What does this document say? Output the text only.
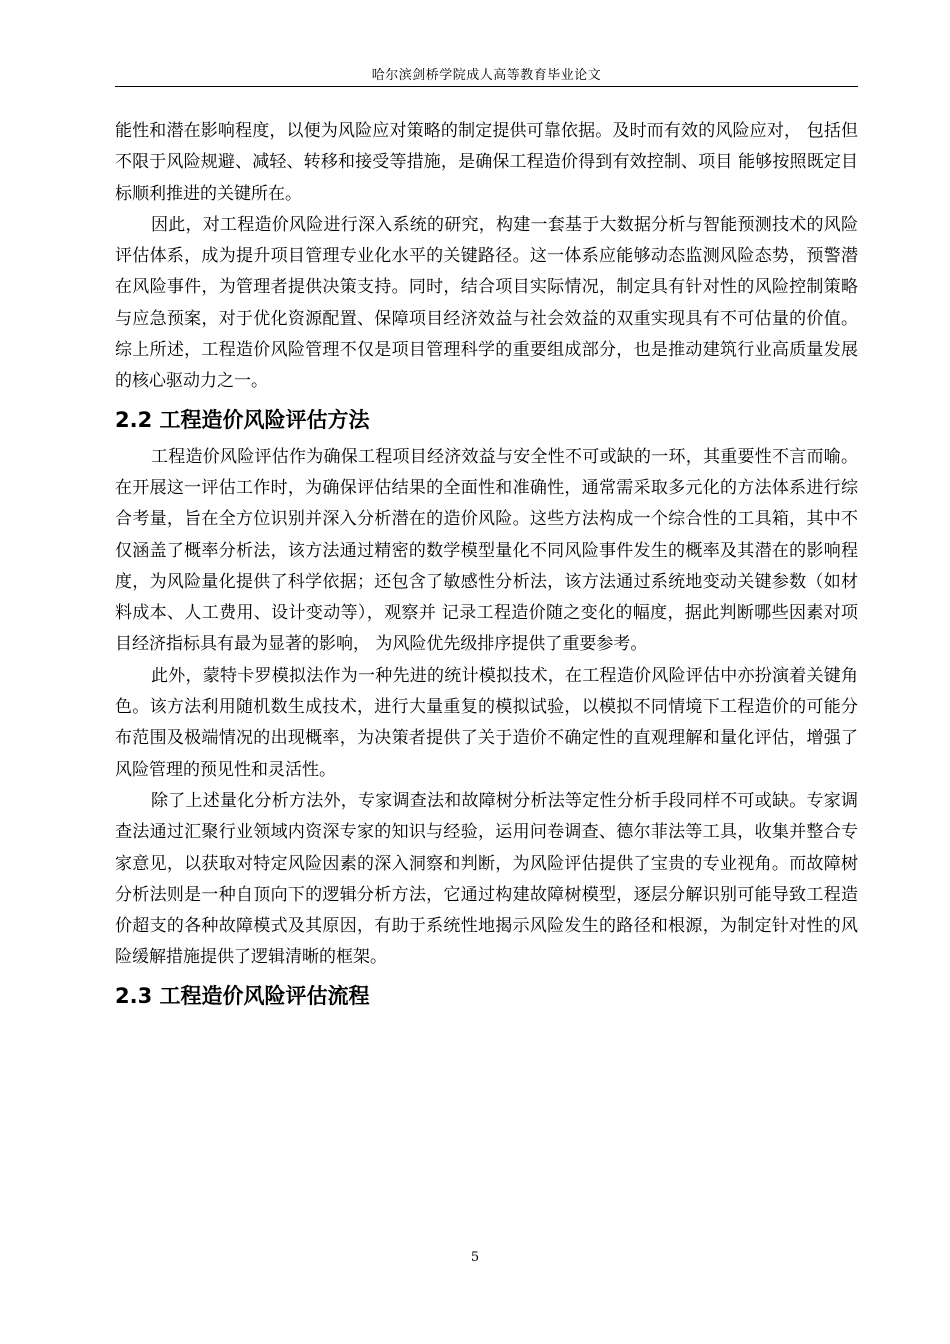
哈尔滨剑桥学院成人高等教育毕业论文

能性和潜在影响程度，以便为风险应对策略的制定提供可靠依据。及时而有效的风险应对， 包括但不限于风险规避、减轻、转移和接受等措施，是确保工程造价得到有效控制、项目 能够按照既定目标顺利推进的关键所在。

因此，对工程造价风险进行深入系统的研究，构建一套基于大数据分析与智能预测技术的风险评估体系，成为提升项目管理专业化水平的关键路径。这一体系应能够动态监测风险态势，预警潜在风险事件，为管理者提供决策支持。同时，结合项目实际情况，制定具有针对性的风险控制策略与应急预案，对于优化资源配置、保障项目经济效益与社会效益的双重实现具有不可估量的价值。综上所述，工程造价风险管理不仅是项目管理科学的重要组成部分，也是推动建筑行业高质量发展的核心驱动力之一。

2.2 工程造价风险评估方法

工程造价风险评估作为确保工程项目经济效益与安全性不可或缺的一环，其重要性不言而喻。在开展这一评估工作时，为确保评估结果的全面性和准确性，通常需采取多元化的方法体系进行综合考量，旨在全方位识别并深入分析潜在的造价风险。这些方法构成一个综合性的工具箱，其中不仅涵盖了概率分析法，该方法通过精密的数学模型量化不同风险事件发生的概率及其潜在的影响程度，为风险量化提供了科学依据；还包含了敏感性分析法，该方法通过系统地变动关键参数（如材料成本、人工费用、设计变动等），观察并 记录工程造价随之变化的幅度，据此判断哪些因素对项目经济指标具有最为显著的影响， 为风险优先级排序提供了重要参考。

此外，蒙特卡罗模拟法作为一种先进的统计模拟技术，在工程造价风险评估中亦扮演着关键角色。该方法利用随机数生成技术，进行大量重复的模拟试验，以模拟不同情境下工程造价的可能分布范围及极端情况的出现概率，为决策者提供了关于造价不确定性的直观理解和量化评估，增强了风险管理的预见性和灵活性。

除了上述量化分析方法外，专家调查法和故障树分析法等定性分析手段同样不可或缺。专家调查法通过汇聚行业领域内资深专家的知识与经验，运用问卷调查、德尔菲法等工具，收集并整合专家意见，以获取对特定风险因素的深入洞察和判断，为风险评估提供了宝贵的专业视角。而故障树分析法则是一种自顶向下的逻辑分析方法，它通过构建故障树模型，逐层分解识别可能导致工程造价超支的各种故障模式及其原因，有助于系统性地揭示风险发生的路径和根源，为制定针对性的风险缓解措施提供了逻辑清晰的框架。

2.3 工程造价风险评估流程
5
